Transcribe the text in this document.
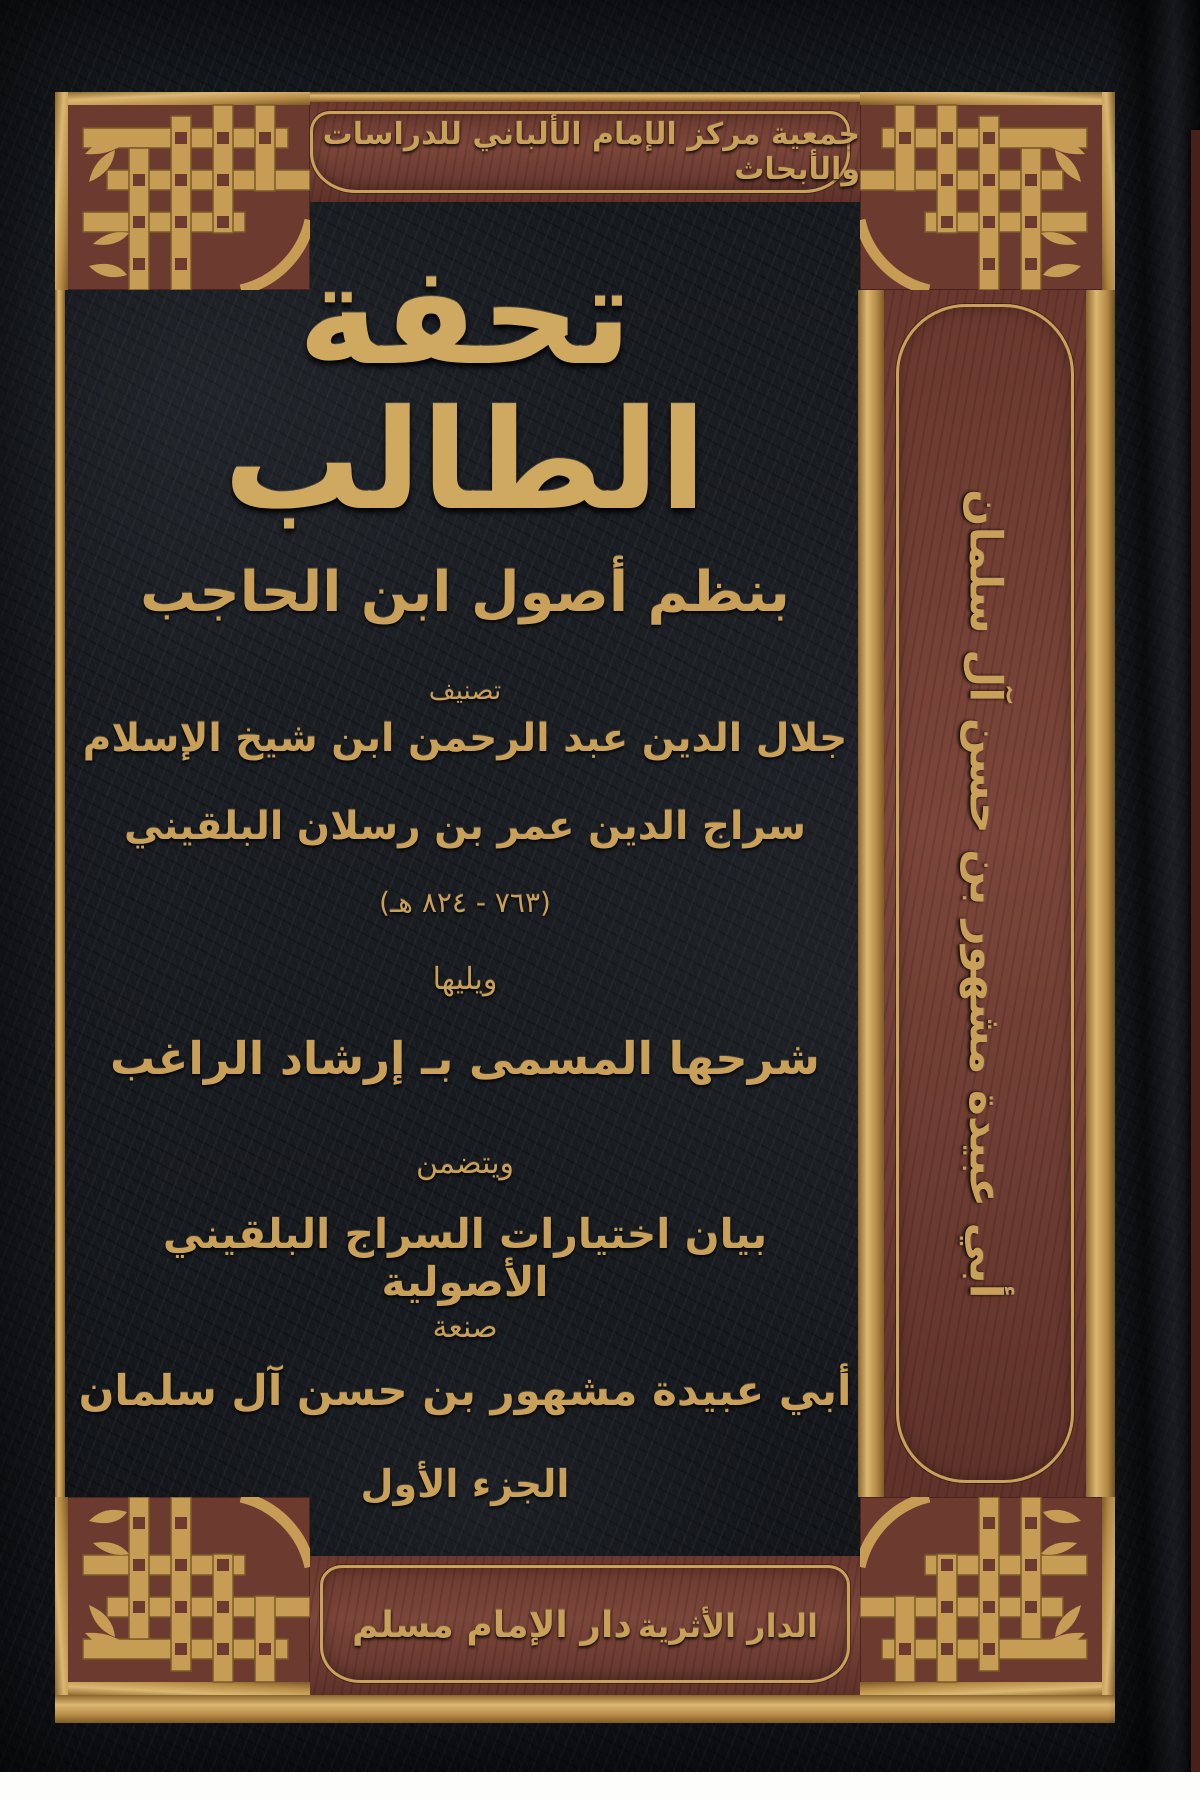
جمعية مركز الإمام الألباني للدراسات والأبحاث
أبي عبيدة مشهور بن حسن آل سلمان
تحفة الطالب
بنظم أصول ابن الحاجب
تصنيف
جلال الدين عبد الرحمن ابن شيخ الإسلام
سراج الدين عمر بن رسلان البلقيني
(٧٦٣ - ٨٢٤ هـ)
ويليها
شرحها المسمى بـ إرشاد الراغب
ويتضمن
بيان اختيارات السراج البلقيني الأصولية
صنعة
أبي عبيدة مشهور بن حسن آل سلمان
الجزء الأول
دار الإمام مسلم الدار الأثرية
